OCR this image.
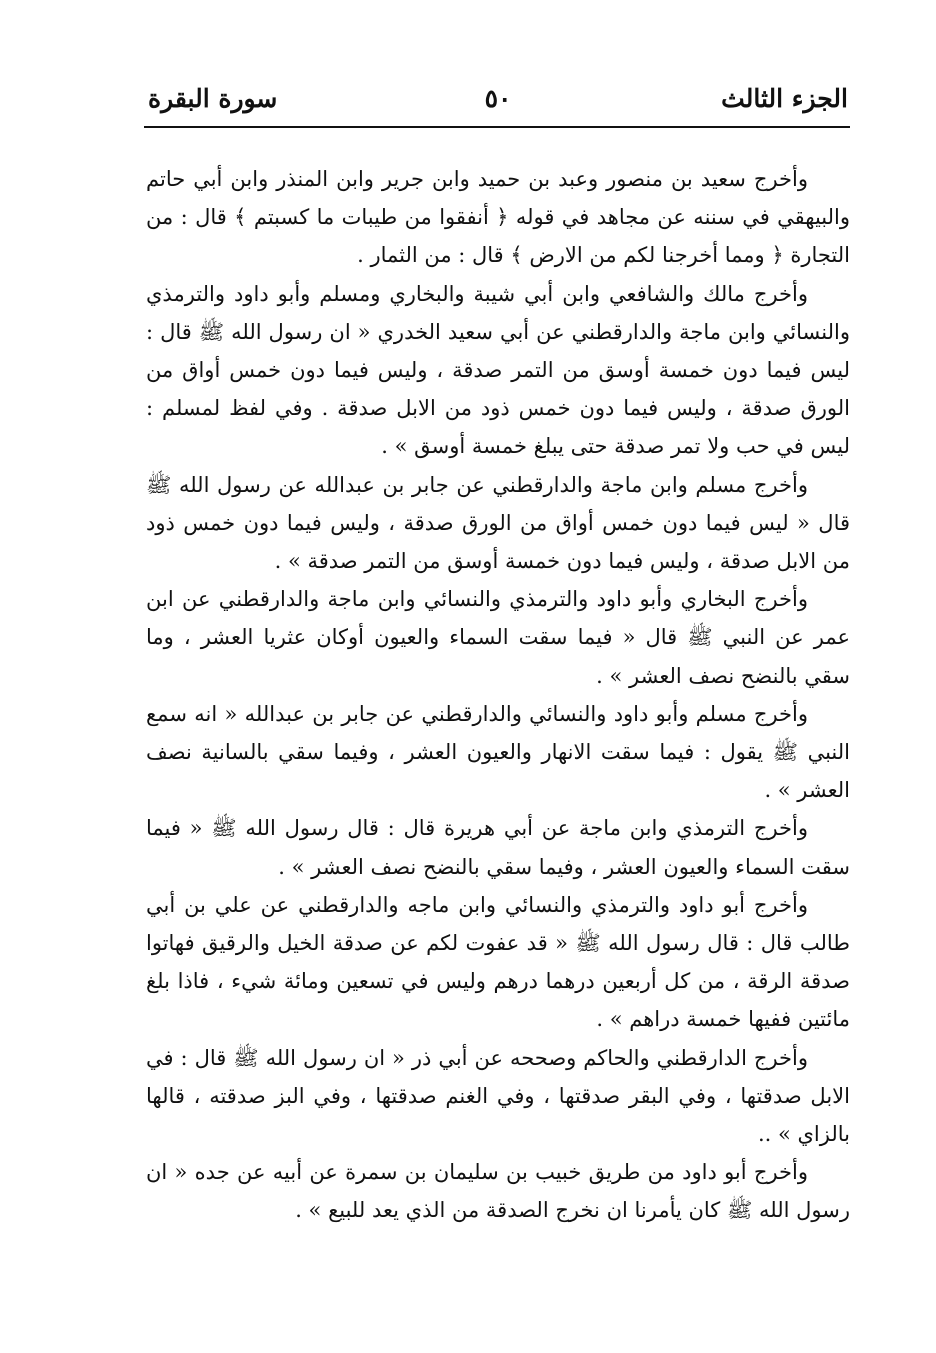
الجزء الثالث
٥٠
سورة البقرة

وأخرج سعيد بن منصور وعبد بن حميد وابن جرير وابن المنذر وابن أبي حاتم والبيهقي في سننه عن مجاهد في قوله ﴿ أنفقوا من طيبات ما كسبتم ﴾ قال : من التجارة ﴿ ومما أخرجنا لكم من الارض ﴾ قال : من الثمار .

وأخرج مالك والشافعي وابن أبي شيبة والبخاري ومسلم وأبو داود والترمذي والنسائي وابن ماجة والدارقطني عن أبي سعيد الخدري « ان رسول الله ﷺ قال : ليس فيما دون خمسة أوسق من التمر صدقة ، وليس فيما دون خمس أواق من الورق صدقة ، وليس فيما دون خمس ذود من الابل صدقة . وفي لفظ لمسلم : ليس في حب ولا تمر صدقة حتى يبلغ خمسة أوسق » .

وأخرج مسلم وابن ماجة والدارقطني عن جابر بن عبدالله عن رسول الله ﷺ قال « ليس فيما دون خمس أواق من الورق صدقة ، وليس فيما دون خمس ذود من الابل صدقة ، وليس فيما دون خمسة أوسق من التمر صدقة » .

وأخرج البخاري وأبو داود والترمذي والنسائي وابن ماجة والدارقطني عن ابن عمر عن النبي ﷺ قال « فيما سقت السماء والعيون أوكان عثريا العشر ، وما سقي بالنضح نصف العشر » .

وأخرج مسلم وأبو داود والنسائي والدارقطني عن جابر بن عبدالله « انه سمع النبي ﷺ يقول : فيما سقت الانهار والعيون العشر ، وفيما سقي بالسانية نصف العشر » .

وأخرج الترمذي وابن ماجة عن أبي هريرة قال : قال رسول الله ﷺ « فيما سقت السماء والعيون العشر ، وفيما سقي بالنضح نصف العشر » .

وأخرج أبو داود والترمذي والنسائي وابن ماجه والدارقطني عن علي بن أبي طالب قال : قال رسول الله ﷺ « قد عفوت لكم عن صدقة الخيل والرقيق فهاتوا صدقة الرقة ، من كل أربعين درهما درهم وليس في تسعين ومائة شيء ، فاذا بلغ مائتين ففيها خمسة دراهم » .

وأخرج الدارقطني والحاكم وصححه عن أبي ذر « ان رسول الله ﷺ قال : في الابل صدقتها ، وفي البقر صدقتها ، وفي الغنم صدقتها ، وفي البز صدقته ، قالها بالزاي » ..

وأخرج أبو داود من طريق خبيب بن سليمان بن سمرة عن أبيه عن جده « ان رسول الله ﷺ كان يأمرنا ان نخرج الصدقة من الذي يعد للبيع » .
